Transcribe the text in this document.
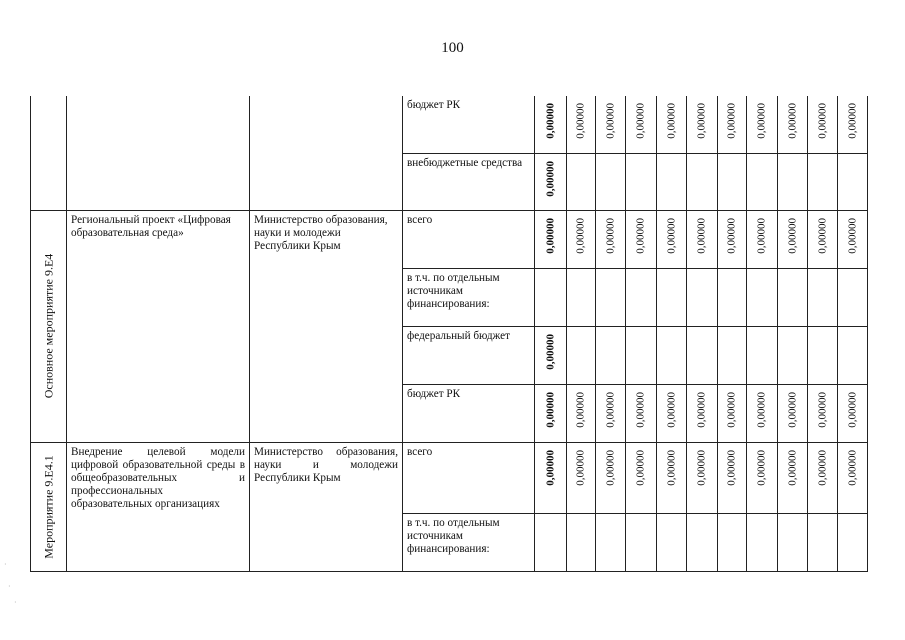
100

			бюджет РК	0,00000	0,00000	0,00000	0,00000	0,00000	0,00000	0,00000	0,00000	0,00000	0,00000	0,00000

			внебюджетные средства	0,00000										

Основное мероприятие 9.Е4	Региональный проект «Цифровая образовательная среда»	Министерство образования, науки и молодежи Республики Крым	всего	0,00000	0,00000	0,00000	0,00000	0,00000	0,00000	0,00000	0,00000	0,00000	0,00000	0,00000

			в т.ч. по отдельным источникам финансирования:											

			федеральный бюджет	0,00000										

			бюджет РК	0,00000	0,00000	0,00000	0,00000	0,00000	0,00000	0,00000	0,00000	0,00000	0,00000	0,00000

Мероприятие 9.Е4.1	Внедрение целевой модели цифровой образовательной среды в общеобразовательных и профессиональных образовательных организациях	Министерство образования, науки и молодежи Республики Крым	всего	0,00000	0,00000	0,00000	0,00000	0,00000	0,00000	0,00000	0,00000	0,00000	0,00000	0,00000

			в т.ч. по отдельным источникам финансирования:											

·
·
·
